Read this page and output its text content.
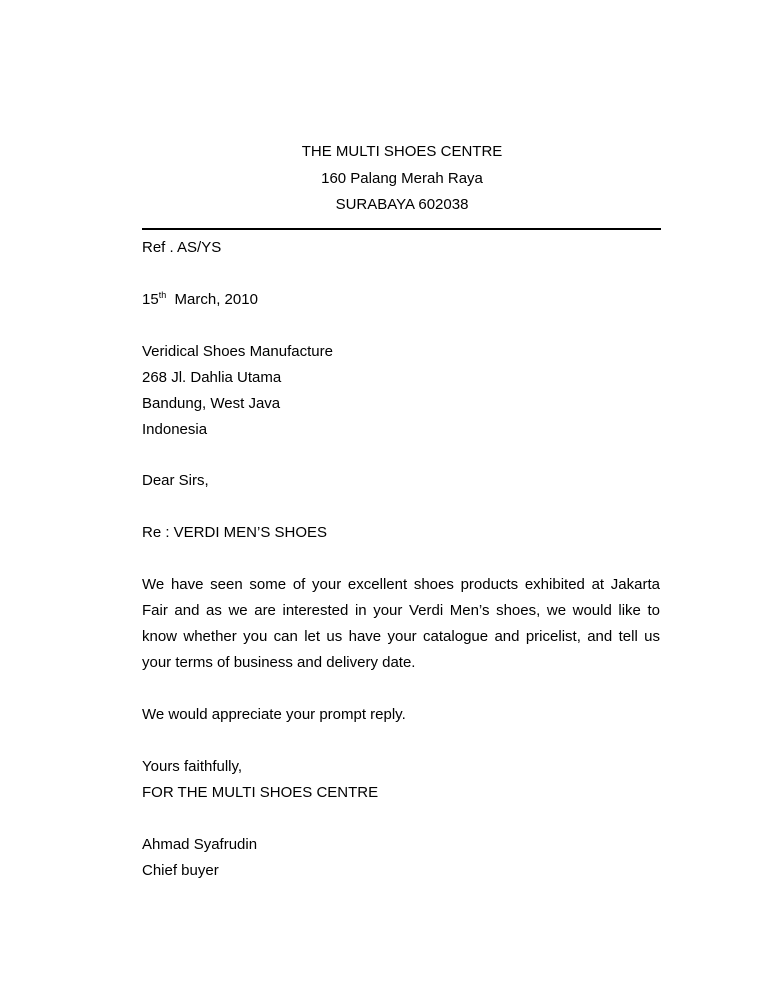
THE MULTI SHOES CENTRE
160 Palang Merah Raya
SURABAYA 602038
Ref . AS/YS
15th  March, 2010
Veridical Shoes Manufacture
268 Jl. Dahlia Utama
Bandung, West Java
Indonesia
Dear Sirs,
Re : VERDI MEN’S SHOES
We have seen some of your excellent shoes products exhibited at Jakarta
Fair and as we are interested in your Verdi Men’s shoes, we would like to
know whether you can let us have your catalogue and pricelist, and tell us
your terms of business and delivery date.
We would appreciate your prompt reply.
Yours faithfully,
FOR THE MULTI SHOES CENTRE
Ahmad Syafrudin
Chief buyer
